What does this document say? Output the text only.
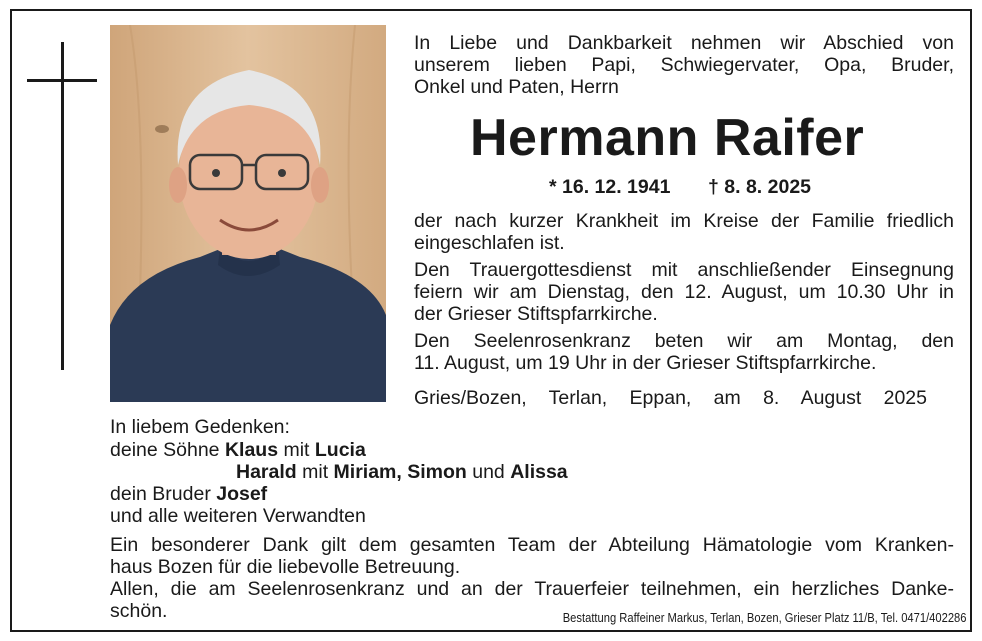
In Liebe und Dankbarkeit nehmen wir Abschied von
unserem lieben Papi, Schwiegervater, Opa, Bruder,
Onkel und Paten, Herrn
Hermann Raifer
* 16. 12. 1941 † 8. 8. 2025
der nach kurzer Krankheit im Kreise der Familie friedlich
eingeschlafen ist.
Den Trauergottesdienst mit anschließender Einsegnung
feiern wir am Dienstag, den 12. August, um 10.30 Uhr in
der Grieser Stiftspfarrkirche.
Den Seelenrosenkranz beten wir am Montag, den
11. August, um 19 Uhr in der Grieser Stiftspfarrkirche.
Gries/Bozen, Terlan, Eppan, am 8. August 2025
In liebem Gedenken:
deine Söhne Klaus mit Lucia
Harald mit Miriam, Simon und Alissa
dein Bruder Josef
und alle weiteren Verwandten
Ein besonderer Dank gilt dem gesamten Team der Abteilung Hämatologie vom Kranken-
haus Bozen für die liebevolle Betreuung.
Allen, die am Seelenrosenkranz und an der Trauerfeier teilnehmen, ein herzliches Danke-
schön.	Bestattung Raffeiner Markus, Terlan, Bozen, Grieser Platz 11/B, Tel. 0471/402286
